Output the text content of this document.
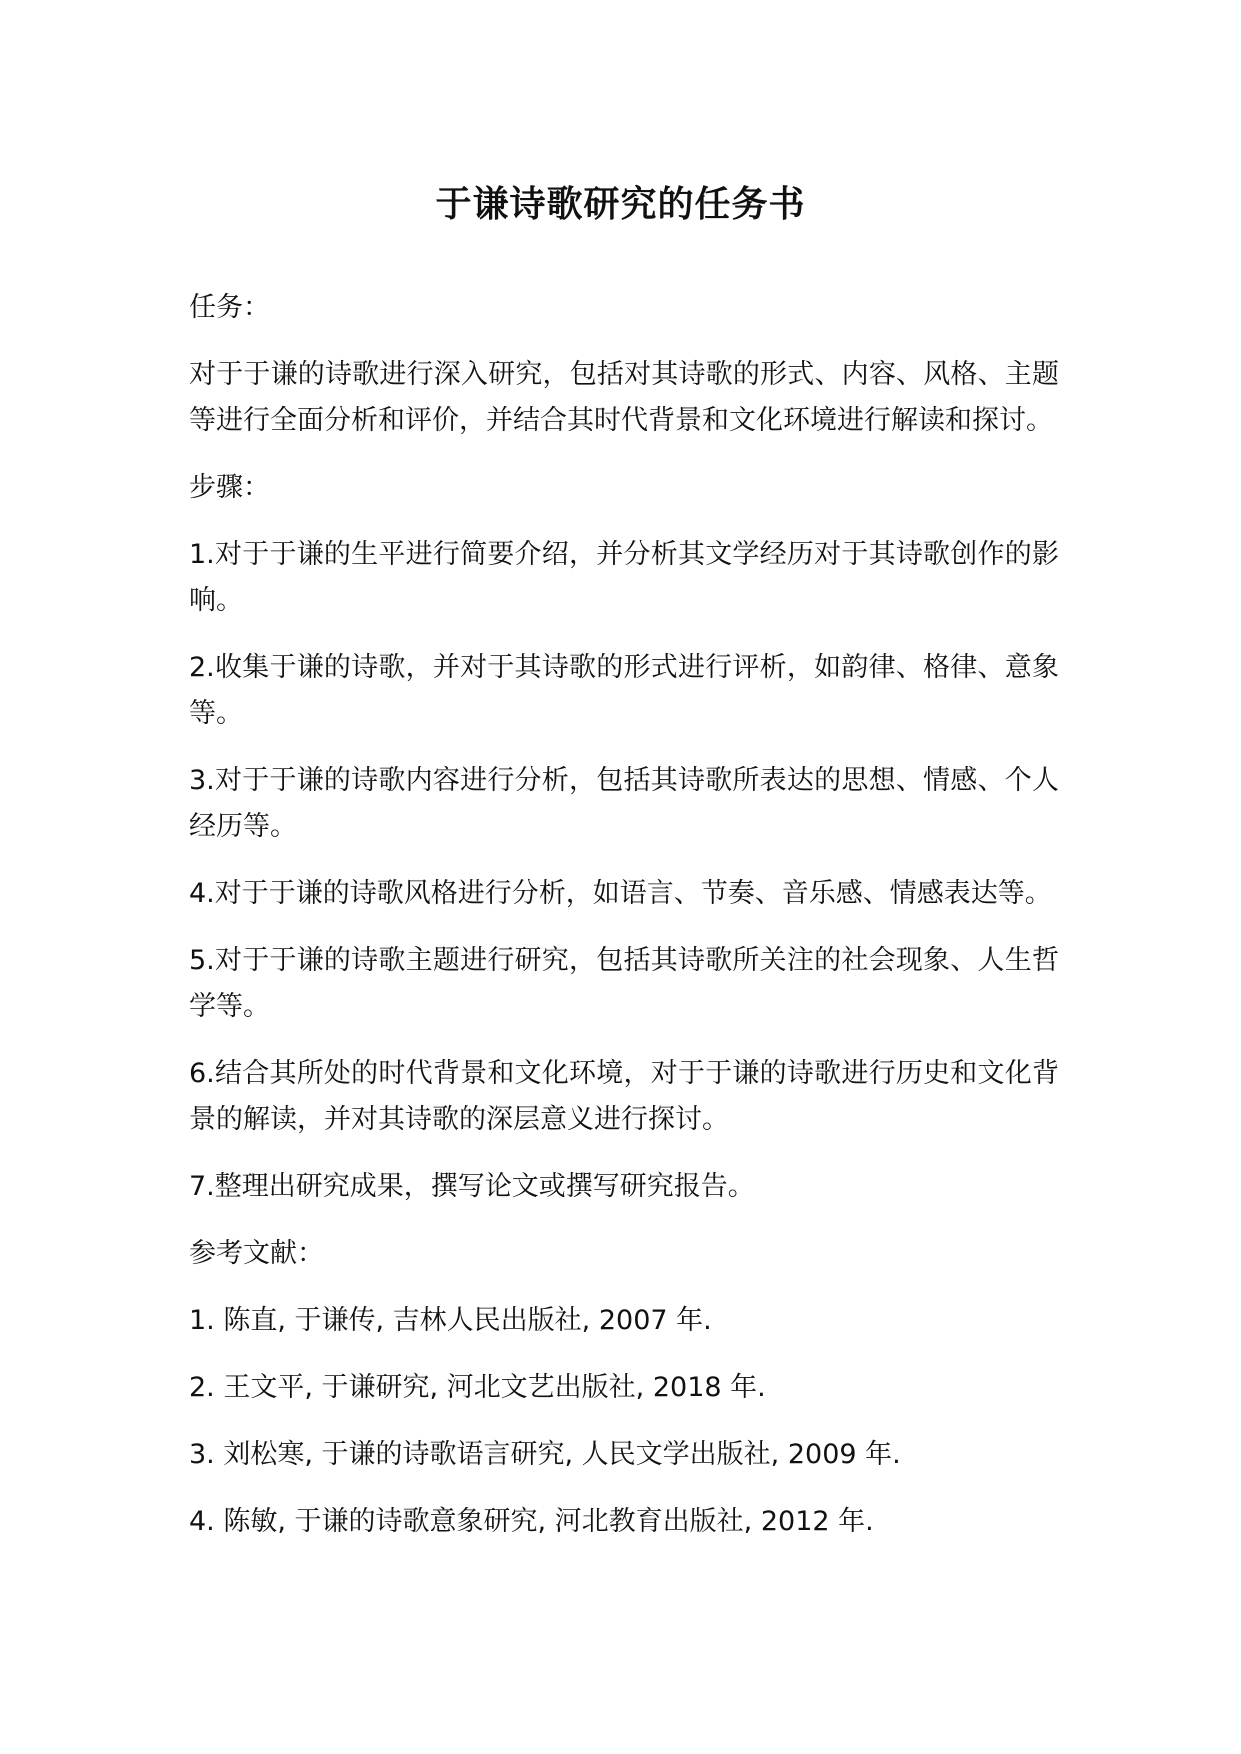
于谦诗歌研究的任务书

任务：

对于于谦的诗歌进行深入研究，包括对其诗歌的形式、内容、风格、主题等进行全面分析和评价，并结合其时代背景和文化环境进行解读和探讨。

步骤：

1.对于于谦的生平进行简要介绍，并分析其文学经历对于其诗歌创作的影响。

2.收集于谦的诗歌，并对于其诗歌的形式进行评析，如韵律、格律、意象等。

3.对于于谦的诗歌内容进行分析，包括其诗歌所表达的思想、情感、个人经历等。

4.对于于谦的诗歌风格进行分析，如语言、节奏、音乐感、情感表达等。

5.对于于谦的诗歌主题进行研究，包括其诗歌所关注的社会现象、人生哲学等。

6.结合其所处的时代背景和文化环境，对于于谦的诗歌进行历史和文化背景的解读，并对其诗歌的深层意义进行探讨。

7.整理出研究成果，撰写论文或撰写研究报告。

参考文献：

1. 陈直, 于谦传, 吉林人民出版社, 2007 年.

2. 王文平, 于谦研究, 河北文艺出版社, 2018 年.

3. 刘松寒, 于谦的诗歌语言研究, 人民文学出版社, 2009 年.

4. 陈敏, 于谦的诗歌意象研究, 河北教育出版社, 2012 年.
